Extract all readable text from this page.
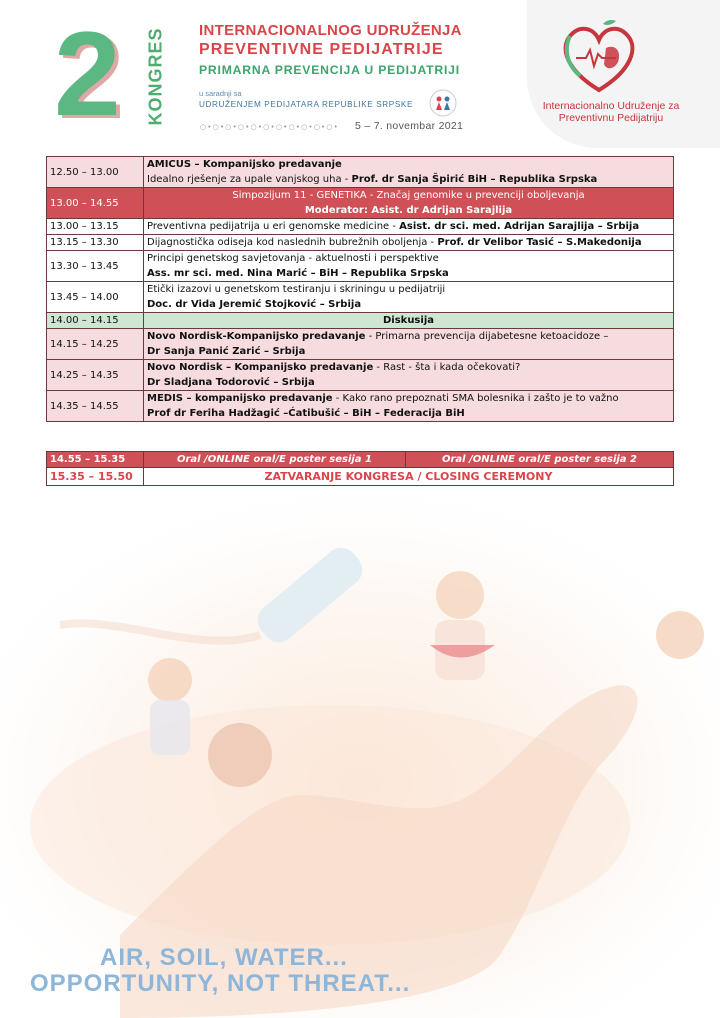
2 KONGRES INTERNACIONALNOG UDRUŽENJA
PREVENTIVNE PEDIJATRIJE
PRIMARNA PREVENCIJA U PEDIJATRIJI
u saradnji sa
UDRUŽENJEM PEDIJATARA REPUBLIKE SRPSKE
○•○•○•○•○•○•○•○•○•○•○• 5 – 7. novembar 2021
Internacionalno Udruženje za
Preventivnu Pedijatriju
12.50 – 13.00	AMICUS – Kompanijsko predavanje
Idealno rješenje za upale vanjskog uha - Prof. dr Sanja Špirić BiH – Republika Srpska

13.00 – 14.55	Simpozijum 11 - GENETIKA - Značaj genomike u prevenciji oboljevanja
Moderator: Asist. dr Adrijan Sarajlija

13.00 – 13.15	Preventivna pedijatrija u eri genomske medicine - Asist. dr sci. med. Adrijan Sarajlija – Srbija

13.15 – 13.30	Dijagnostička odiseja kod naslednih bubrežnih oboljenja - Prof. dr Velibor Tasić – S.Makedonija

13.30 – 13.45	Principi genetskog savjetovanja - aktuelnosti i perspektive
Ass. mr sci. med. Nina Marić – BiH – Republika Srpska

13.45 – 14.00	Etički izazovi u genetskom testiranju i skriningu u pedijatriji
Doc. dr Vida Jeremić Stojković – Srbija

14.00 – 14.15	Diskusija

14.15 – 14.25	Novo Nordisk-Kompanijsko predavanje - Primarna prevencija dijabetesne ketoacidoze –
Dr Sanja Panić Zarić – Srbija

14.25 – 14.35	Novo Nordisk – Kompanijsko predavanje - Rast - šta i kada očekovati?
Dr Sladjana Todorović – Srbija

14.35 – 14.55	MEDIS – kompanijsko predavanje - Kako rano prepoznati SMA bolesnika i zašto je to važno
Prof dr Feriha Hadžagić –Ćatibušić – BiH – Federacija BiH
14.55 – 15.35	Oral /ONLINE oral/E poster sesija 1	Oral /ONLINE oral/E poster sesija 2
15.35 – 15.50	ZATVARANJE KONGRESA / CLOSING CEREMONY	
AIR, SOIL, WATER...
OPPORTUNITY, NOT THREAT...
